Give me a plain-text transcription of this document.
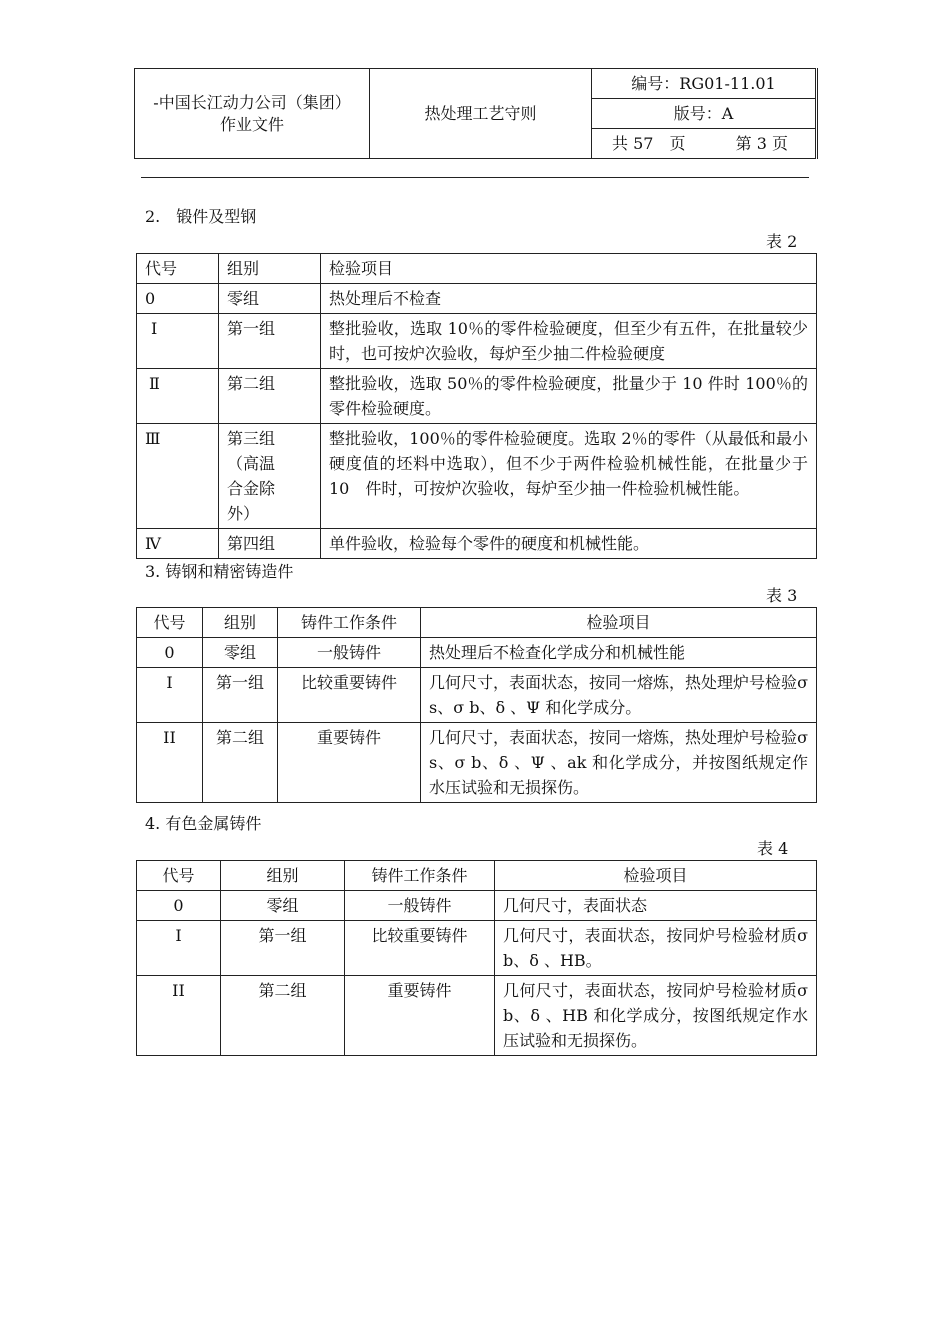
-中国长江动力公司（集团）
作业文件
	热处理工艺守则	编号：RG01-11.01
版号：A
共 57　页	第 3 页
2.　锻件及型钢
表 2
代号	组别	检验项目
0	零组	热处理后不检查
Ⅰ	第一组	整批验收，选取 10％的零件检验硬度，但至少有五件，在批量较少时，也可按炉次验收，每炉至少抽二件检验硬度
Ⅱ	第二组	整批验收，选取 50％的零件检验硬度，批量少于 10 件时 100％的零件检验硬度。
Ⅲ	第三组（高温合金除外）	整批验收，100％的零件检验硬度。选取 2％的零件（从最低和最小硬度值的坯料中选取），但不少于两件检验机械性能，在批量少于　10　件时，可按炉次验收，每炉至少抽一件检验机械性能。
Ⅳ	第四组	单件验收，检验每个零件的硬度和机械性能。
3. 铸钢和精密铸造件
表 3
代号	组别	铸件工作条件	检验项目
0	零组	一般铸件	热处理后不检查化学成分和机械性能
I	第一组	比较重要铸件	几何尺寸，表面状态，按同一熔炼，热处理炉号检验σ s、σ b、δ 、Ψ 和化学成分。
II	第二组	重要铸件	几何尺寸，表面状态，按同一熔炼，热处理炉号检验σ s、σ b、δ 、Ψ 、ak 和化学成分，并按图纸规定作水压试验和无损探伤。
4. 有色金属铸件
表 4
代号	组别	铸件工作条件	检验项目
0	零组	一般铸件	几何尺寸，表面状态
I	第一组	比较重要铸件	几何尺寸，表面状态，按同炉号检验材质σ b、δ 、HB。
II	第二组	重要铸件	几何尺寸，表面状态，按同炉号检验材质σ b、δ 、HB 和化学成分，按图纸规定作水压试验和无损探伤。
